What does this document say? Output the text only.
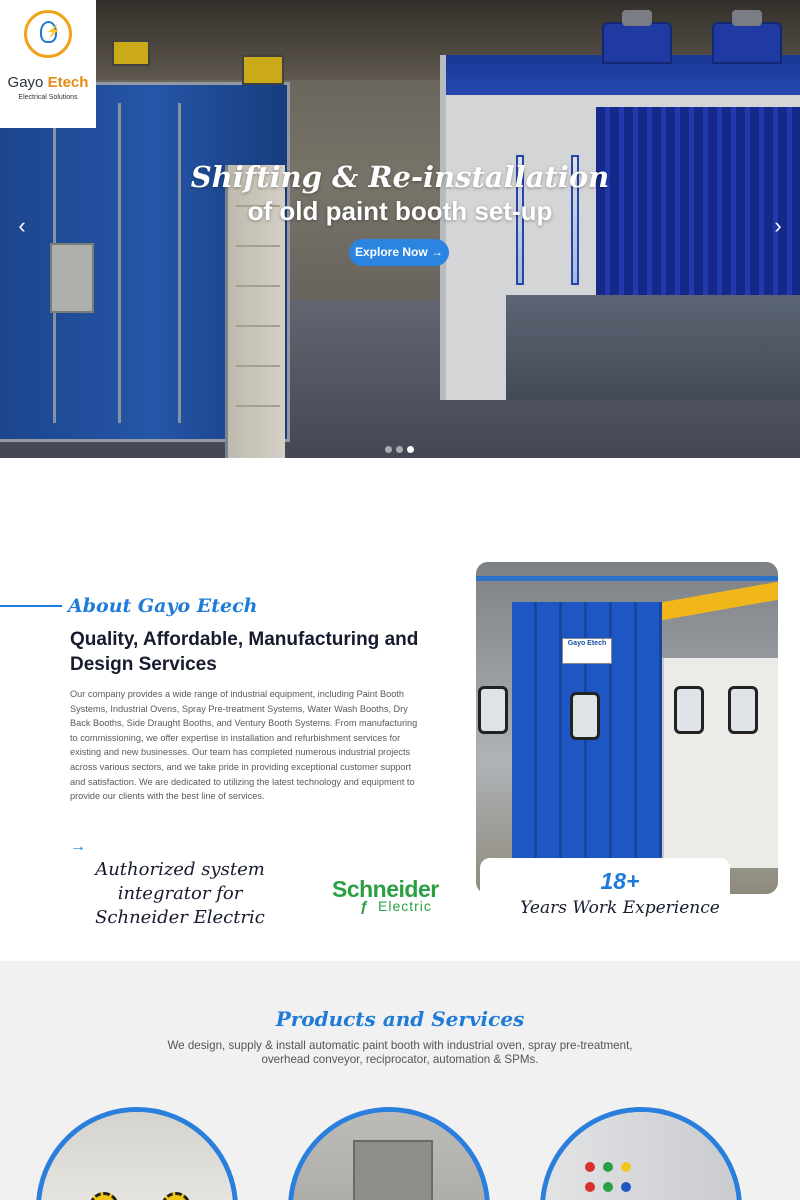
⚡
Gayo Etech
Electrical Solutions
Shifting & Re-installation
of old paint booth set-up
Explore Now →
‹	›
About Gayo Etech
Quality, Affordable, Manufacturing and Design Services
Our company provides a wide range of industrial equipment, including Paint Booth Systems, Industrial Ovens, Spray Pre-treatment Systems, Water Wash Booths, Dry Back Booths, Side Draught Booths, and Ventury Booth Systems. From manufacturing to commissioning, we offer expertise in installation and refurbishment services for existing and new businesses. Our team has completed numerous industrial projects across various sectors, and we take pride in providing exceptional customer support and satisfaction. We are dedicated to utilizing the latest technology and equipment to provide our clients with the best line of services.
→
Gayo Etech
Authorized system integrator for Schneider Electric
Schneider
ƒ Electric
18+
Years Work Experience
Products and Services
We design, supply & install automatic paint booth with industrial oven, spray pre-treatment, overhead conveyor, reciprocator, automation & SPMs.
